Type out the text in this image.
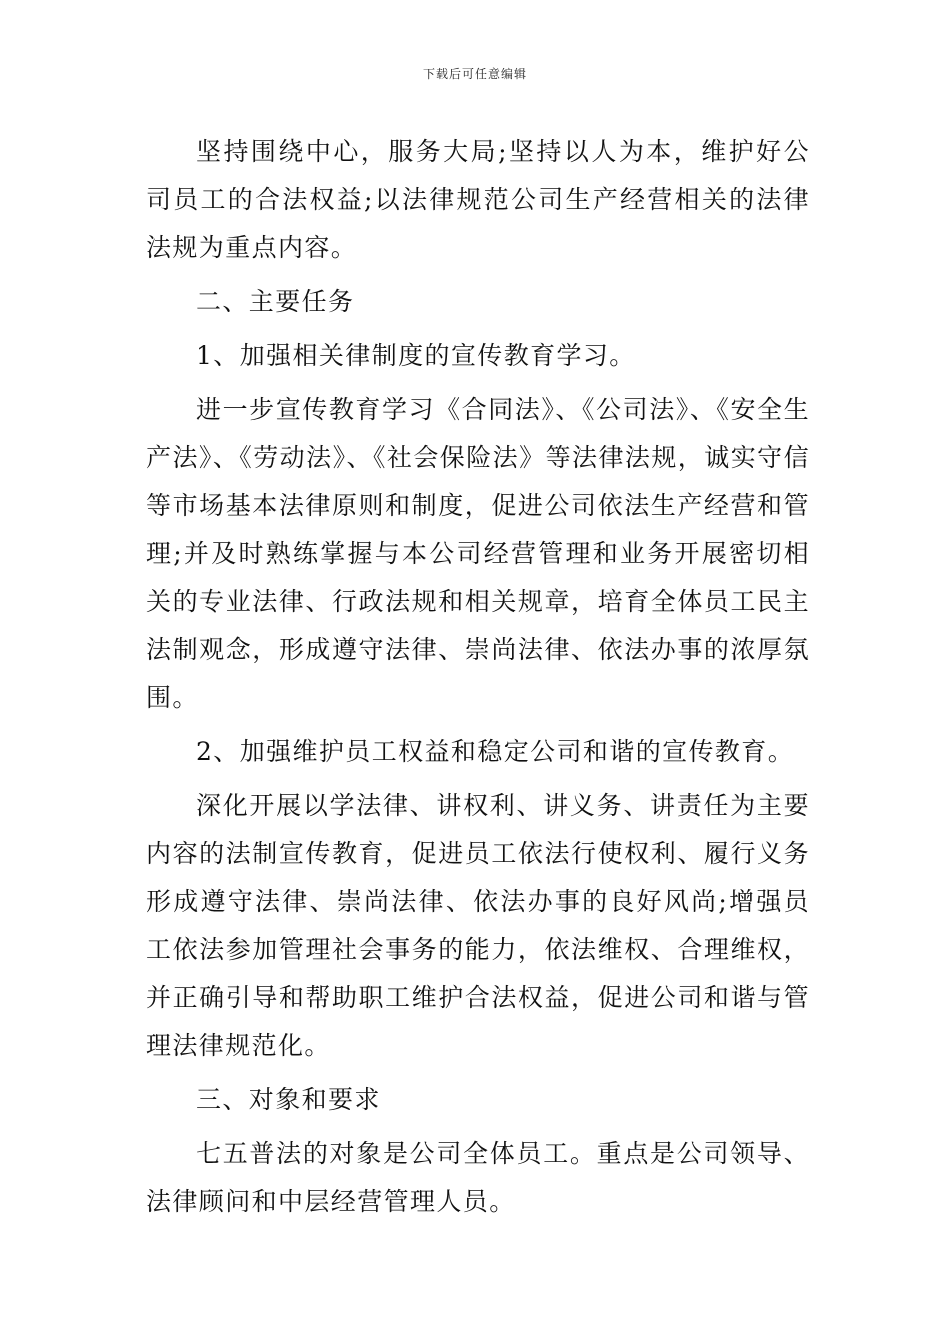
下载后可任意编辑

坚持围绕中心，服务大局;坚持以人为本，维护好公司员工的合法权益;以法律规范公司生产经营相关的法律法规为重点内容。

二、主要任务

1、加强相关律制度的宣传教育学习。

进一步宣传教育学习《合同法》、《公司法》、《安全生产法》、《劳动法》、《社会保险法》等法律法规，诚实守信等市场基本法律原则和制度，促进公司依法生产经营和管理;并及时熟练掌握与本公司经营管理和业务开展密切相关的专业法律、行政法规和相关规章，培育全体员工民主法制观念，形成遵守法律、崇尚法律、依法办事的浓厚氛围。

2、加强维护员工权益和稳定公司和谐的宣传教育。

深化开展以学法律、讲权利、讲义务、讲责任为主要内容的法制宣传教育，促进员工依法行使权利、履行义务形成遵守法律、崇尚法律、依法办事的良好风尚;增强员工依法参加管理社会事务的能力，依法维权、合理维权，并正确引导和帮助职工维护合法权益，促进公司和谐与管理法律规范化。

三、对象和要求

七五普法的对象是公司全体员工。重点是公司领导、法律顾问和中层经营管理人员。
